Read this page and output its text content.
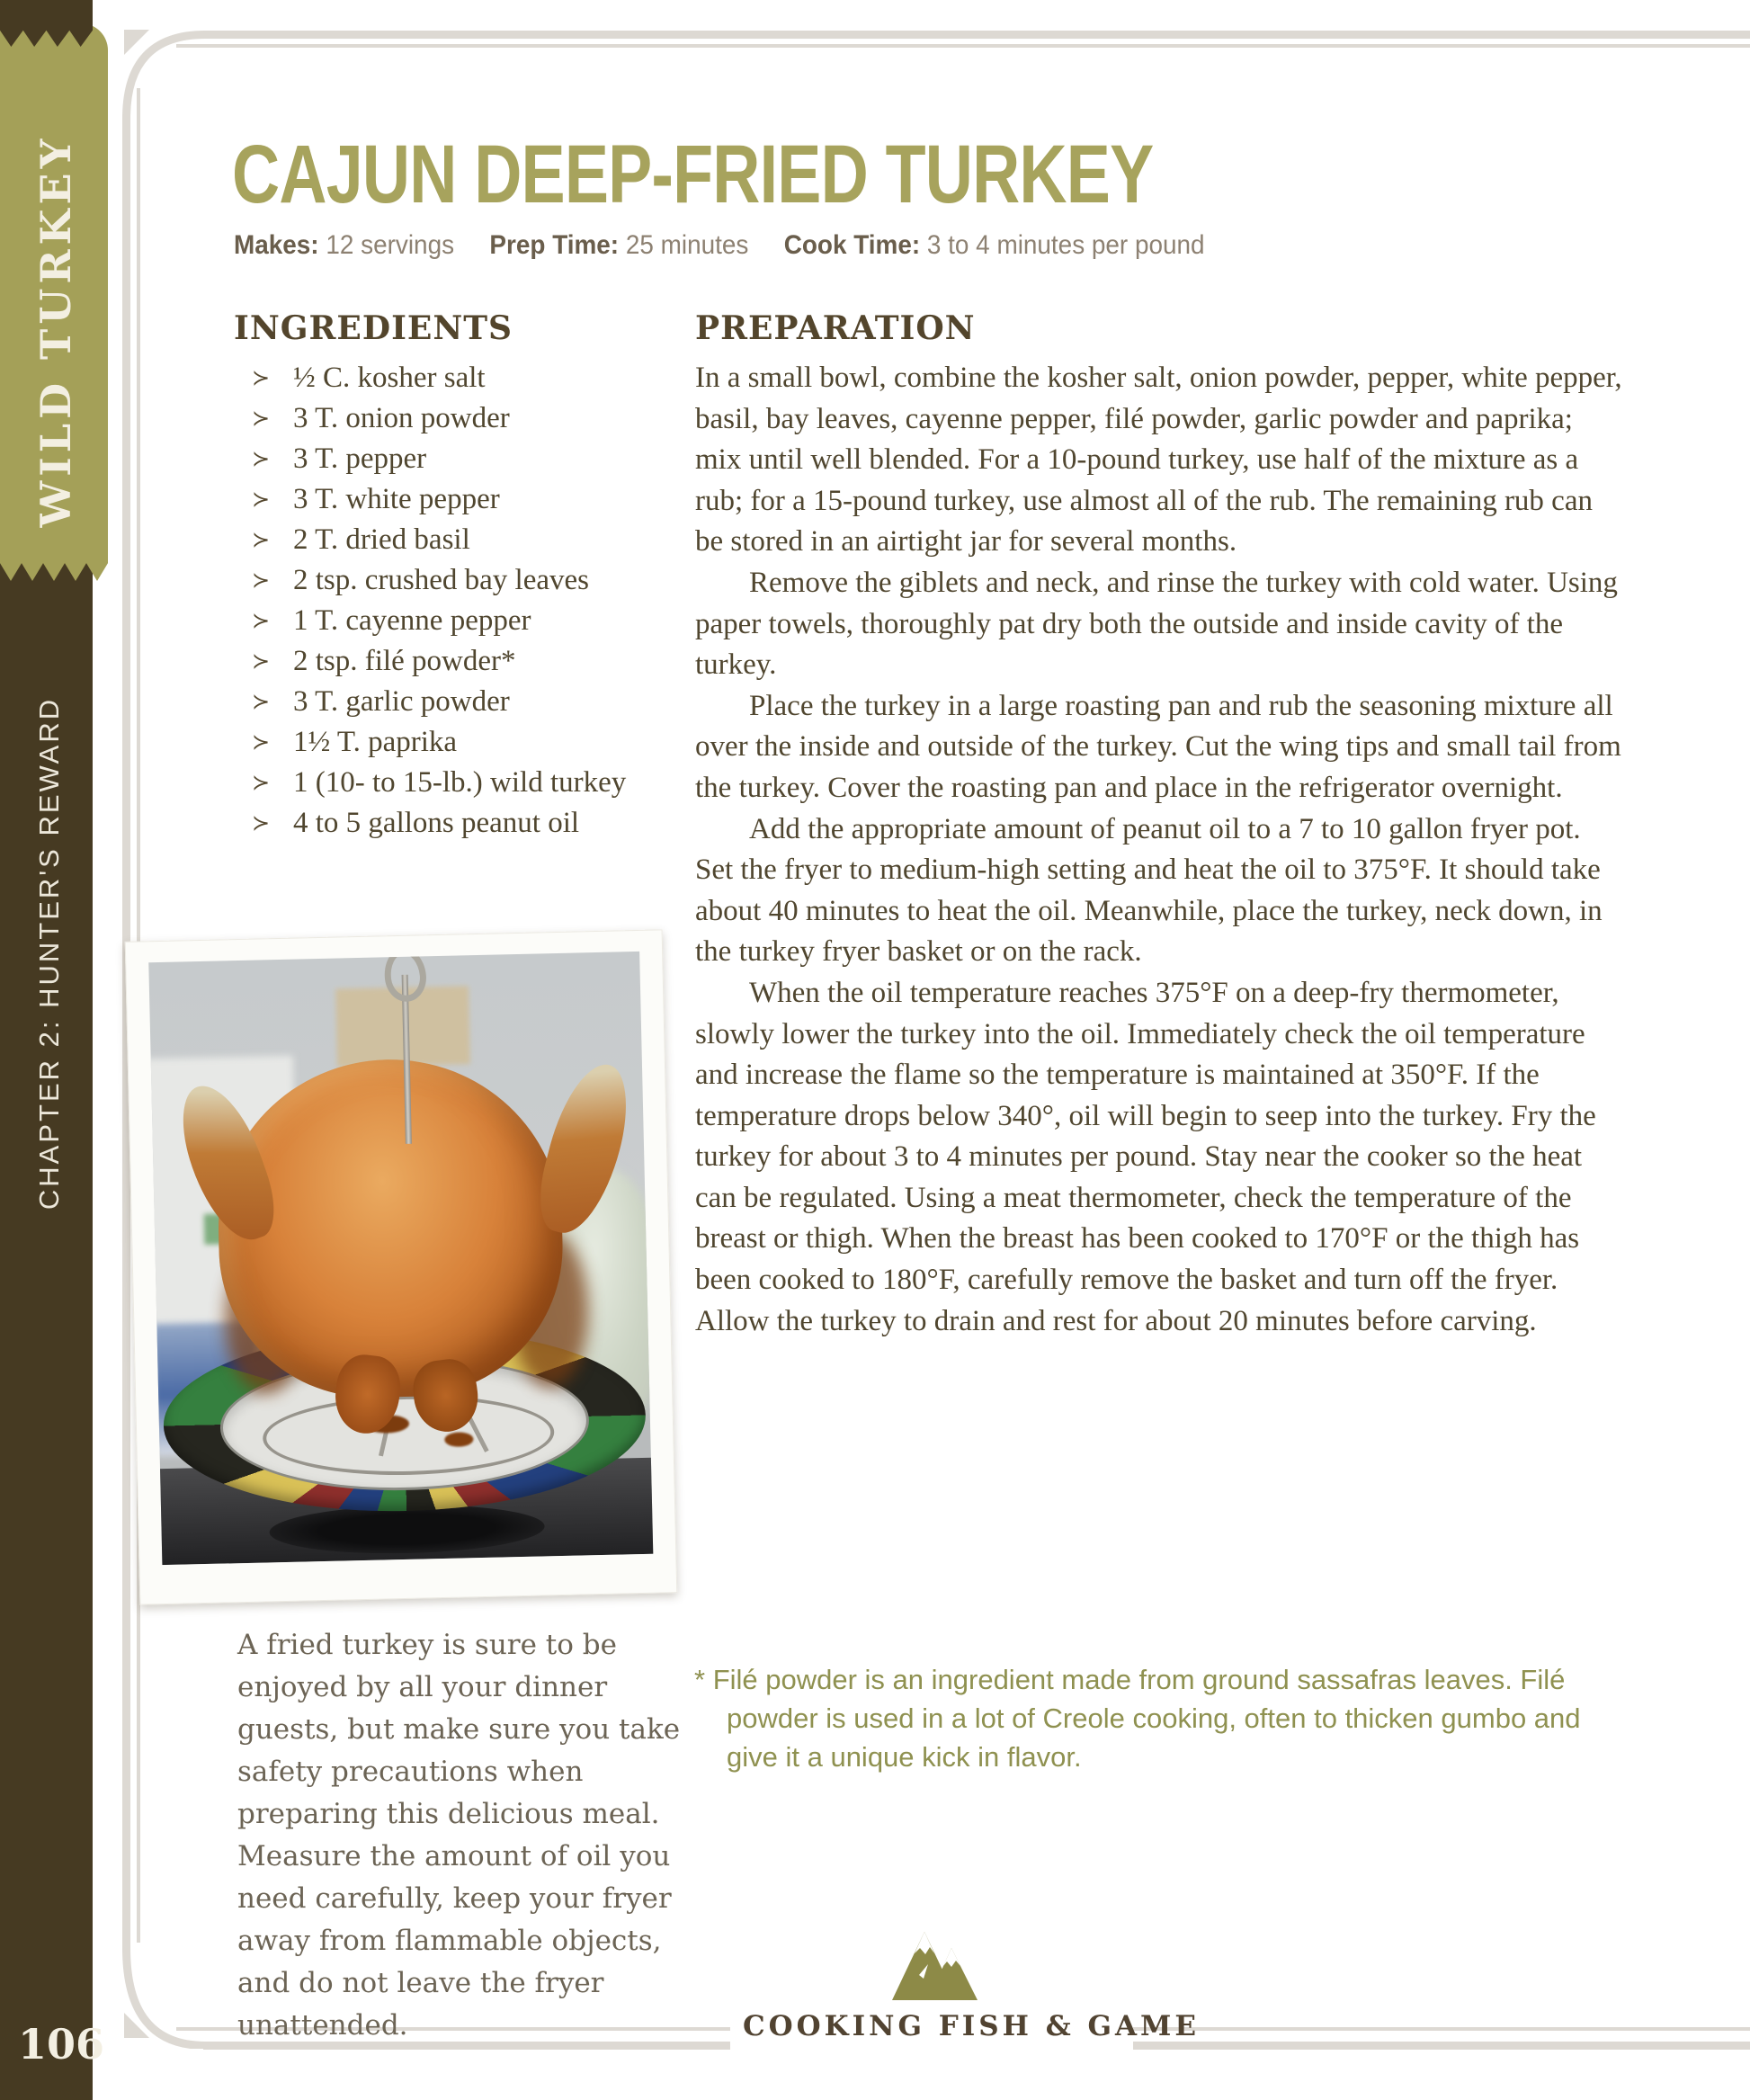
WILD TURKEY
CHAPTER 2: HUNTER'S REWARD
106
CAJUN DEEP-FRIED TURKEY
Makes: 12 servings Prep Time: 25 minutes Cook Time: 3 to 4 minutes per pound
INGREDIENTS
≻ ½ C. kosher salt
≻ 3 T. onion powder
≻ 3 T. pepper
≻ 3 T. white pepper
≻ 2 T. dried basil
≻ 2 tsp. crushed bay leaves
≻ 1 T. cayenne pepper
≻ 2 tsp. filé powder*
≻ 3 T. garlic powder
≻ 1½ T. paprika
≻ 1 (10- to 15-lb.) wild turkey
≻ 4 to 5 gallons peanut oil
PREPARATION

In a small bowl, combine the kosher salt, onion powder, pepper, white pepper, basil, bay leaves, cayenne pepper, filé powder, garlic powder and paprika; mix until well blended. For a 10-pound turkey, use half of the mixture as a rub; for a 15-pound turkey, use almost all of the rub. The remaining rub can be stored in an airtight jar for several months.

Remove the giblets and neck, and rinse the turkey with cold water. Using paper towels, thoroughly pat dry both the outside and inside cavity of the turkey.

Place the turkey in a large roasting pan and rub the seasoning mixture all over the inside and outside of the turkey. Cut the wing tips and small tail from the turkey. Cover the roasting pan and place in the refrigerator overnight.

Add the appropriate amount of peanut oil to a 7 to 10 gallon fryer pot. Set the fryer to medium-high setting and heat the oil to 375°F. It should take about 40 minutes to heat the oil. Meanwhile, place the turkey, neck down, in the turkey fryer basket or on the rack.

When the oil temperature reaches 375°F on a deep-fry thermometer, slowly lower the turkey into the oil. Immediately check the oil temperature and increase the flame so the temperature is maintained at 350°F. If the temperature drops below 340°, oil will begin to seep into the turkey. Fry the turkey for about 3 to 4 minutes per pound. Stay near the cooker so the heat can be regulated. Using a meat thermometer, check the temperature of the breast or thigh. When the breast has been cooked to 170°F or the thigh has been cooked to 180°F, carefully remove the basket and turn off the fryer. Allow the turkey to drain and rest for about 20 minutes before carving.

A fried turkey is sure to be enjoyed by all your dinner guests, but make sure you take safety precautions when preparing this delicious meal. Measure the amount of oil you need carefully, keep your fryer away from flammable objects, and do not leave the fryer unattended.
* Filé powder is an ingredient made from ground sassafras leaves. Filé powder is used in a lot of Creole cooking, often to thicken gumbo and give it a unique kick in flavor.
COOKING FISH & GAME
